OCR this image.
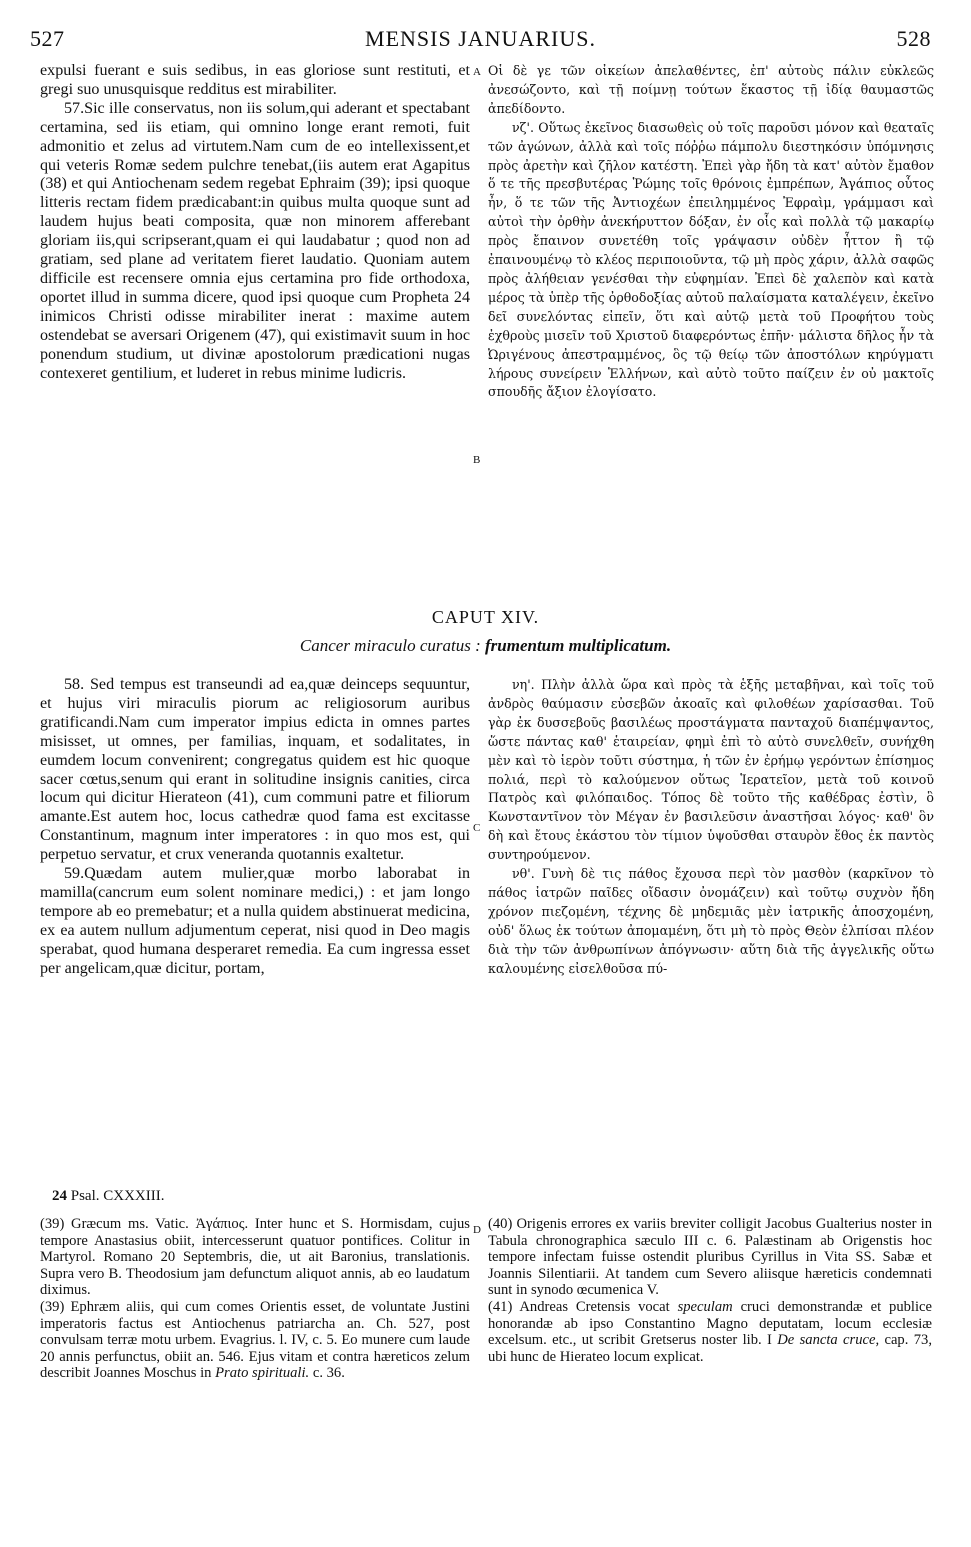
527	MENSIS JANUARIUS.	528

expulsi fuerant e suis sedibus, in eas gloriose sunt restituti, et gregi suo unusquisque redditus est mirabiliter.

57.Sic ille conservatus, non iis solum,qui aderant et spectabant certamina, sed iis etiam, qui omnino longe erant remoti, fuit admonitio et zelus ad virtutem.Nam cum de eo intellexissent,et qui veteris Romæ sedem pulchre tenebat,(iis autem erat Agapitus (38) et qui Antiochenam sedem regebat Ephraim (39); ipsi quoque litteris rectam fidem prædicabant:in quibus multa quoque sunt ad laudem hujus beati composita, quæ non minorem afferebant gloriam iis,qui scripserant,quam ei qui laudabatur ; quod non ad gratiam, sed plane ad veritatem fieret laudatio. Quoniam autem difficile est recensere omnia ejus certamina pro fide orthodoxa, oportet illud in summa dicere, quod ipsi quoque cum Propheta 24 inimicos Christi odisse mirabiliter inerat : maxime autem ostendebat se aversari Origenem (47), qui existimavit suum in hoc ponendum studium, ut divinæ apostolorum prædicationi nugas contexeret gentilium, et luderet in rebus minime ludicris.

Οἱ δὲ γε τῶν οἰκείων ἀπελαθέντες, ἐπ' αὐτοὺς πάλιν εὐκλεῶς ἀνεσώζοντο, καὶ τῇ ποίμνῃ τούτων ἕκαστος τῇ ἰδίᾳ θαυμαστῶς ἀπεδίδοντο.

νζ'. Οὕτως ἐκεῖνος διασωθεὶς οὐ τοῖς παροῦσι μόνον καὶ θεαταῖς τῶν ἀγώνων, ἀλλὰ καὶ τοῖς πόῤῥω πάμπολυ διεστηκόσιν ὑπόμνησις πρὸς ἀρετὴν καὶ ζῆλον κατέστη. Ἐπεὶ γὰρ ἤδη τὰ κατ' αὐτὸν ἔμαθον ὅ τε τῆς πρεσβυτέρας Ῥώμης τοῖς θρόνοις ἐμπρέπων, Ἀγάπιος οὗτος ἦν, ὅ τε τῶν τῆς Ἀντιοχέων ἐπειλημμένος Ἐφραὶμ, γράμμασι καὶ αὐτοὶ τὴν ὀρθὴν ἀνεκήρυττον δόξαν, ἐν οἷς καὶ πολλὰ τῷ μακαρίῳ πρὸς ἔπαινον συνετέθη τοῖς γράψασιν οὐδὲν ἧττον ἢ τῷ ἐπαινουμένῳ τὸ κλέος περιποιοῦντα, τῷ μὴ πρὸς χάριν, ἀλλὰ σαφῶς πρὸς ἀλήθειαν γενέσθαι τὴν εὐφημίαν. Ἐπεὶ δὲ χαλεπὸν καὶ κατὰ μέρος τὰ ὑπὲρ τῆς ὀρθοδοξίας αὐτοῦ παλαίσματα καταλέγειν, ἐκεῖνο δεῖ συνελόντας εἰπεῖν, ὅτι καὶ αὐτῷ μετὰ τοῦ Προφήτου τοὺς ἐχθροὺς μισεῖν τοῦ Χριστοῦ διαφερόντως ἐπῆν· μάλιστα δῆλος ἦν τὰ Ὠριγένους ἀπεστραμμένος, ὃς τῷ θείῳ τῶν ἀποστόλων κηρύγματι λήρους συνείρειν Ἑλλήνων, καὶ αὐτὸ τοῦτο παίζειν ἐν οὐ μακτοῖς σπουδῆς ἄξιον ἐλογίσατο.

A
B
C
D
CAPUT XIV.
Cancer miraculo curatus : frumentum multiplicatum.

58. Sed tempus est transeundi ad ea,quæ deinceps sequuntur, et hujus viri miraculis piorum ac religiosorum auribus gratificandi.Nam cum imperator impius edicta in omnes partes misisset, ut omnes, per familias, inquam, et sodalitates, in eumdem locum convenirent; congregatus quidem est hic quoque sacer cœtus,senum qui erant in solitudine insignis canities, circa locum qui dicitur Hierateon (41), cum communi patre et filiorum amante.Est autem hoc, locus cathedræ quod fama est excitasse Constantinum, magnum inter imperatores : in quo mos est, qui perpetuo servatur, et crux veneranda quotannis exaltetur.

59.Quædam autem mulier,quæ morbo laborabat in mamilla(cancrum eum solent nominare medici,) : et jam longo tempore ab eo premebatur; et a nulla quidem abstinuerat medicina, ex ea autem nullum adjumentum ceperat, nisi quod in Deo magis sperabat, quod humana desperaret remedia. Ea cum ingressa esset per angelicam,quæ dicitur, portam,

νη'. Πλὴν ἀλλὰ ὥρα καὶ πρὸς τὰ ἑξῆς μεταβῆναι, καὶ τοῖς τοῦ ἀνδρὸς θαύμασιν εὐσεβῶν ἀκοαῖς καὶ φιλοθέων χαρίσασθαι. Τοῦ γὰρ ἐκ δυσσεβοῦς βασιλέως προστάγματα πανταχοῦ διαπέμψαντος, ὥστε πάντας καθ' ἑταιρείαν, φημὶ ἐπὶ τὸ αὐτὸ συνελθεῖν, συνήχθη μὲν καὶ τὸ ἱερὸν τοῦτι σύστημα, ἡ τῶν ἐν ἐρήμῳ γερόντων ἐπίσημος πολιά, περὶ τὸ καλούμενον οὕτως Ἱερατεῖον, μετὰ τοῦ κοινοῦ Πατρὸς καὶ φιλόπαιδος. Τόπος δὲ τοῦτο τῆς καθέδρας ἐστὶν, ὃ Κωνσταντῖνον τὸν Μέγαν ἐν βασιλεῦσιν ἀναστῆσαι λόγος· καθ' ὃν δὴ καὶ ἔτους ἑκάστου τὸν τίμιον ὑψοῦσθαι σταυρὸν ἔθος ἐκ παντὸς συντηρούμενον.

νθ'. Γυνὴ δὲ τις πάθος ἔχουσα περὶ τὸν μασθὸν (καρκῖνον τὸ πάθος ἰατρῶν παῖδες οἴδασιν ὀνομάζειν) καὶ τοῦτῳ συχνὸν ἤδη χρόνον πιεζομένη, τέχνης δὲ μηδεμιᾶς μὲν ἰατρικῆς ἀποσχομένη, οὐδ' ὅλως ἐκ τούτων ἀπομαμένη, ὅτι μὴ τὸ πρὸς Θεὸν ἐλπίσαι πλέον διὰ τὴν τῶν ἀνθρωπίνων ἀπόγνωσιν· αὕτη διὰ τῆς ἀγγελικῆς οὕτω καλουμένης εἰσελθοῦσα πύ-

24 Psal. CXXXIII.

(39) Græcum ms. Vatic. Ἀγάπιος. Inter hunc et S. Hormisdam, cujus tempore Anastasius obiit, intercesserunt quatuor pontifices. Colitur in Martyrol. Romano 20 Septembris, die, ut ait Baronius, translationis. Supra vero B. Theodosium jam defunctum aliquot annis, ab eo laudatum diximus.

(39) Ephræm aliis, qui cum comes Orientis esset, de voluntate Justini imperatoris factus est Antiochenus patriarcha an. Ch. 527, post convulsam terræ motu urbem. Evagrius. l. IV, c. 5. Eo munere cum laude 20 annis perfunctus, obiit an. 546. Ejus vitam et contra hæreticos zelum describit Joannes Moschus in Prato spirituali. c. 36.

(40) Origenis errores ex variis breviter colligit Jacobus Gualterius noster in Tabula chronographica sæculo III c. 6. Palæstinam ab Origenstis hoc tempore infectam fuisse ostendit pluribus Cyrillus in Vita SS. Sabæ et Joannis Silentiarii. At tandem cum Severo aliisque hæreticis condemnati sunt in synodo œcumenica V.

(41) Andreas Cretensis vocat speculam cruci demonstrandæ et publice honorandæ ab ipso Constantino Magno deputatam, locum ecclesiæ excelsum. etc., ut scribit Gretserus noster lib. I De sancta cruce, cap. 73, ubi hunc de Hierateo locum explicat.
